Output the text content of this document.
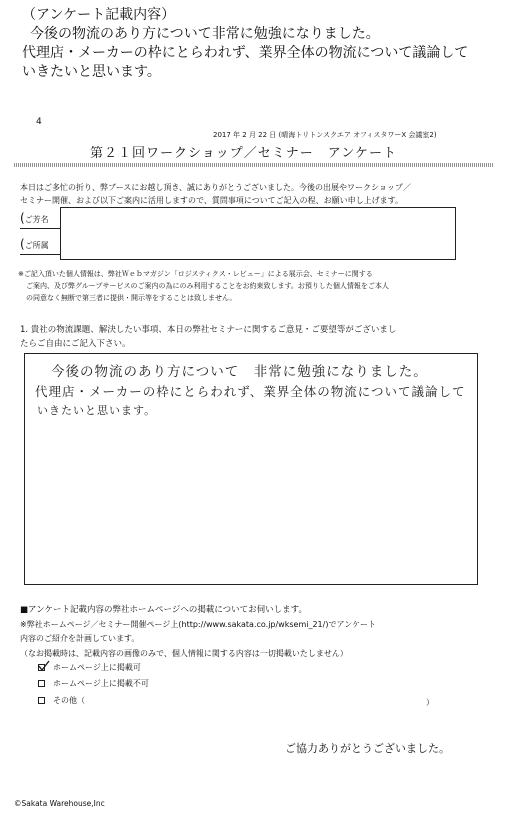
（アンケート記載内容）
今後の物流のあり方について非常に勉強になりました。
代理店・メーカーの枠にとらわれず、業界全体の物流について議論して
いきたいと思います。
4
2017 年 2 月 22 日 (晴海トリトンスクエア オフィスタワーX 会議室2)
第２１回ワークショップ／セミナー　アンケート
本日はご多忙の折り、弊ブースにお越し頂き、誠にありがとうございました。今後の出展やワークショップ／
セミナー開催、および以下ご案内に活用しますので、質問事項についてご記入の程、お願い申し上げます。
(ご芳名
(ご所属
※ご記入頂いた個人情報は、弊社Ｗｅｂマガジン「ロジスティクス・レビュー」による展示会、セミナーに関する
ご案内、及び弊グループサービスのご案内の為にのみ利用することをお約束致します。お預りした個人情報をご本人
の同意なく無断で第三者に提供・開示等をすることは致しません。
1. 貴社の物流課題、解決したい事項、本日の弊社セミナーに関するご意見・ご要望等がございまし
たらご自由にご記入下さい。
今後の物流のあり方について　非常に勉強になりました。
代理店・メーカーの枠にとらわれず、業界全体の物流について議論して
いきたいと思います。
■アンケート記載内容の弊社ホームページへの掲載についてお伺いします。
※弊社ホームページ／セミナー開催ページ上(http://www.sakata.co.jp/wksemi_21/)でアンケート
内容のご紹介を計画しています。
（なお掲載時は、記載内容の画像のみで、個人情報に関する内容は一切掲載いたしません）
ホームページ上に掲載可
ホームページ上に掲載不可
その他（	）
ご協力ありがとうございました。
©Sakata Warehouse,Inc
